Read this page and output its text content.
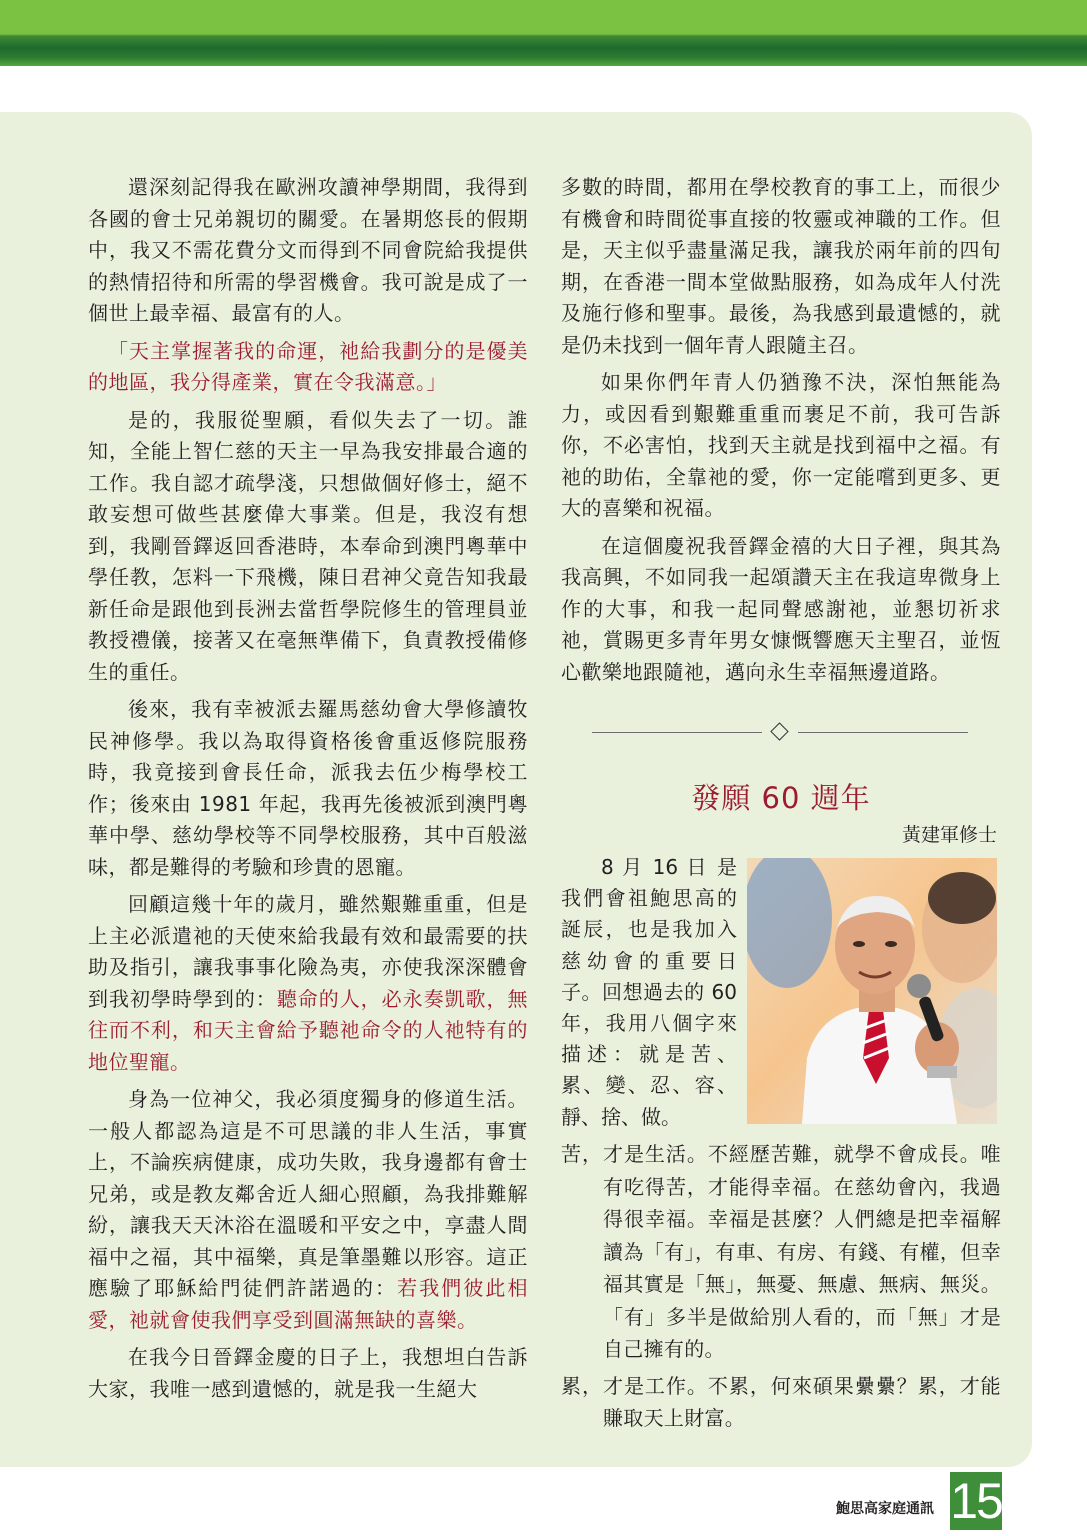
還深刻記得我在歐洲攻讀神學期間，我得到各國的會士兄弟親切的關愛。在暑期悠長的假期中，我又不需花費分文而得到不同會院給我提供的熱情招待和所需的學習機會。我可說是成了一個世上最幸福、最富有的人。

「天主掌握著我的命運，祂給我劃分的是優美的地區，我分得產業，實在令我滿意。」

是的，我服從聖願，看似失去了一切。誰知，全能上智仁慈的天主一早為我安排最合適的工作。我自認才疏學淺，只想做個好修士，絕不敢妄想可做些甚麼偉大事業。但是，我沒有想到，我剛晉鐸返回香港時，本奉命到澳門粵華中學任教，怎料一下飛機，陳日君神父竟告知我最新任命是跟他到長洲去當哲學院修生的管理員並教授禮儀，接著又在毫無準備下，負責教授備修生的重任。

後來，我有幸被派去羅馬慈幼會大學修讀牧民神修學。我以為取得資格後會重返修院服務時，我竟接到會長任命，派我去伍少梅學校工作；後來由 1981 年起，我再先後被派到澳門粵華中學、慈幼學校等不同學校服務，其中百般滋味，都是難得的考驗和珍貴的恩寵。

回顧這幾十年的歲月，雖然艱難重重，但是上主必派遣祂的天使來給我最有效和最需要的扶助及指引，讓我事事化險為夷，亦使我深深體會到我初學時學到的：聽命的人，必永奏凱歌，無往而不利，和天主會給予聽祂命令的人祂特有的地位聖寵。

身為一位神父，我必須度獨身的修道生活。一般人都認為這是不可思議的非人生活，事實上，不論疾病健康，成功失敗，我身邊都有會士兄弟，或是教友鄰舍近人細心照顧，為我排難解紛，讓我天天沐浴在溫暖和平安之中，享盡人間福中之福，其中福樂，真是筆墨難以形容。這正應驗了耶穌給門徒們許諾過的：若我們彼此相愛，祂就會使我們享受到圓滿無缺的喜樂。

在我今日晉鐸金慶的日子上，我想坦白告訴大家，我唯一感到遺憾的，就是我一生絕大

多數的時間，都用在學校教育的事工上，而很少有機會和時間從事直接的牧靈或神職的工作。但是，天主似乎盡量滿足我，讓我於兩年前的四旬期，在香港一間本堂做點服務，如為成年人付洗及施行修和聖事。最後，為我感到最遺憾的，就是仍未找到一個年青人跟隨主召。

如果你們年青人仍猶豫不決，深怕無能為力，或因看到艱難重重而裹足不前，我可告訴你，不必害怕，找到天主就是找到福中之福。有祂的助佑，全靠祂的愛，你一定能嚐到更多、更大的喜樂和祝福。

在這個慶祝我晉鐸金禧的大日子裡，與其為我高興，不如同我一起頌讚天主在我這卑微身上作的大事，和我一起同聲感謝祂，並懇切祈求祂，賞賜更多青年男女慷慨響應天主聖召，並恆心歡樂地跟隨祂，邁向永生幸福無邊道路。

發願 60 週年
黃建軍修士

8 月 16 日 是我們會祖鮑思高的誕辰，也是我加入慈幼會的重要日子。回想過去的 60 年，我用八個字來描述：就是苦、累、變、忍、容、靜、捨、做。

苦，才是生活。不經歷苦難，就學不會成長。唯有吃得苦，才能得幸福。在慈幼會內，我過得很幸福。幸福是甚麼？人們總是把幸福解讀為「有」，有車、有房、有錢、有權，但幸福其實是「無」，無憂、無慮、無病、無災。「有」多半是做給別人看的，而「無」才是自己擁有的。

累，才是工作。不累，何來碩果纍纍？累，才能賺取天上財富。

鮑思高家庭通訊 15
